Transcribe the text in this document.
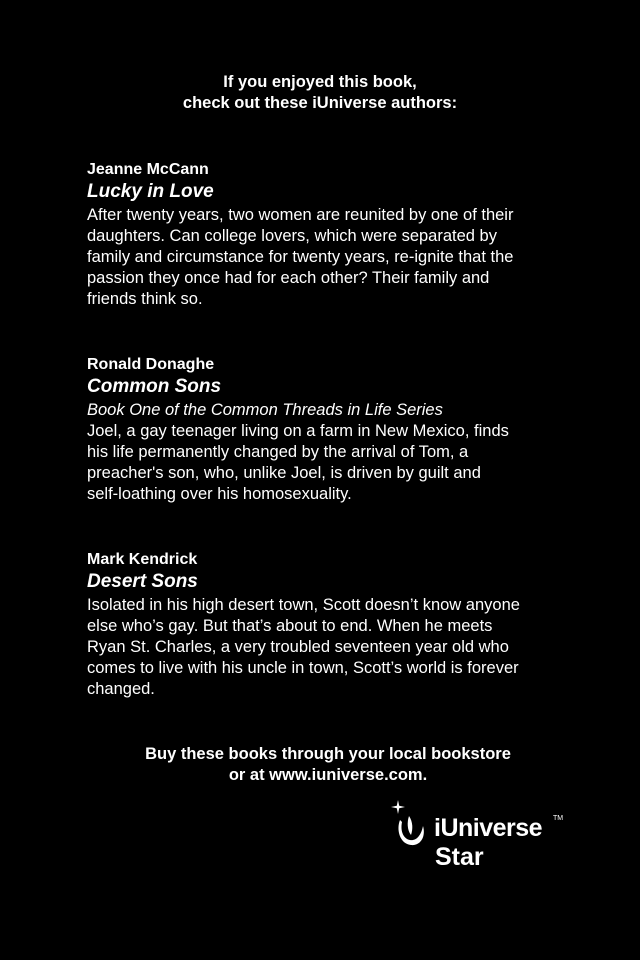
If you enjoyed this book,
check out these iUniverse authors:

Jeanne McCann

Lucky in Love

After twenty years, two women are reunited by one of their
daughters. Can college lovers, which were separated by
family and circumstance for twenty years, re-ignite that the
passion they once had for each other? Their family and
friends think so.

Ronald Donaghe

Common Sons

Book One of the Common Threads in Life Series
Joel, a gay teenager living on a farm in New Mexico, finds
his life permanently changed by the arrival of Tom, a
preacher's son, who, unlike Joel, is driven by guilt and
self-loathing over his homosexuality.

Mark Kendrick

Desert Sons

Isolated in his high desert town, Scott doesn’t know anyone
else who’s gay. But that’s about to end. When he meets
Ryan St. Charles, a very troubled seventeen year old who
comes to live with his uncle in town, Scott’s world is forever
changed.
Buy these books through your local bookstore
or at www.iuniverse.com.
iUniverse TM
Star
